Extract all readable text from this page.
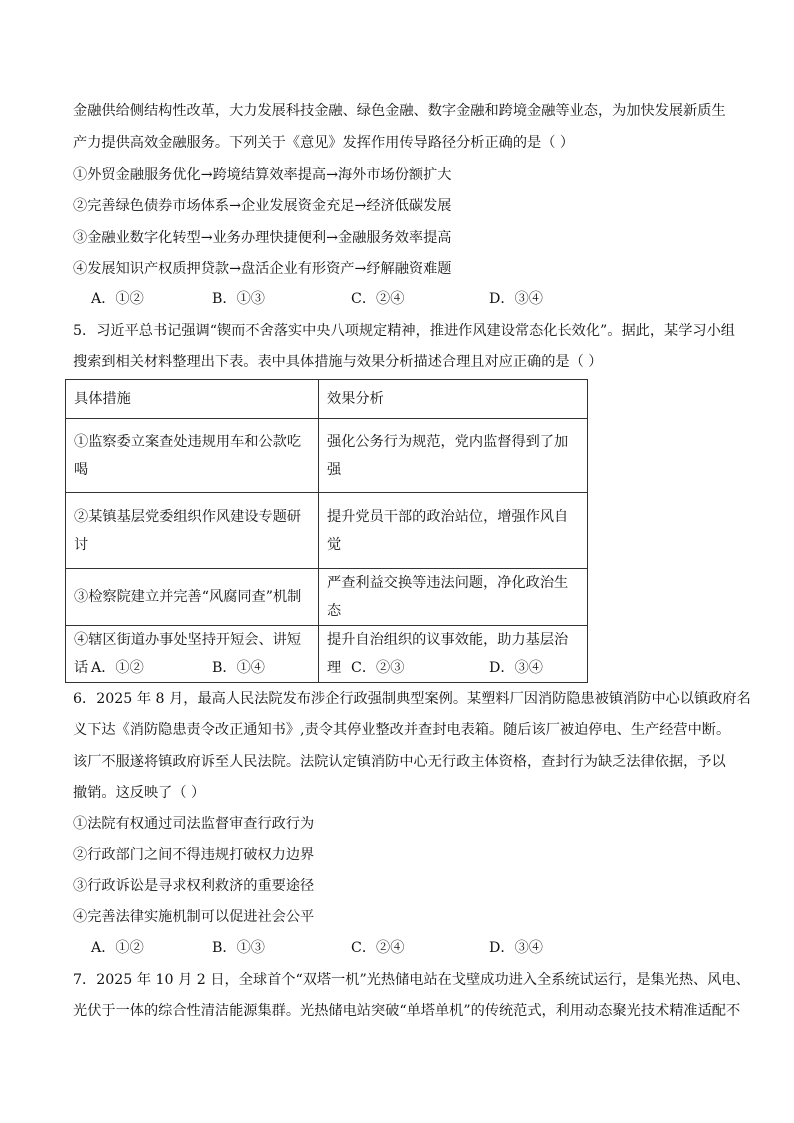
金融供给侧结构性改革，大力发展科技金融、绿色金融、数字金融和跨境金融等业态，为加快发展新质生
产力提供高效金融服务。下列关于《意见》发挥作用传导路径分析正确的是（ ）
①外贸金融服务优化→跨境结算效率提高→海外市场份额扩大
②完善绿色债券市场体系→企业发展资金充足→经济低碳发展
③金融业数字化转型→业务办理快捷便利→金融服务效率提高
④发展知识产权质押贷款→盘活企业有形资产→纾解融资难题
A．①②	B．①③	C．②④	D．③④
5．习近平总书记强调“锲而不舍落实中央八项规定精神，推进作风建设常态化长效化”。据此，某学习小组
搜索到相关材料整理出下表。表中具体措施与效果分析描述合理且对应正确的是（ ）
具体措施	效果分析
①监察委立案查处违规用车和公款吃
喝	强化公务行为规范，党内监督得到了加强
②某镇基层党委组织作风建设专题研
讨	提升党员干部的政治站位，增强作风自觉
③检察院建立并完善“风腐同查”机制	严查利益交换等违法问题，净化政治生态
④辖区街道办事处坚持开短会、讲短话	提升自治组织的议事效能，助力基层治理
A．①②	B．①④	C．②③	D．③④
6．2025 年 8 月，最高人民法院发布涉企行政强制典型案例。某塑料厂因消防隐患被镇消防中心以镇政府名
义下达《消防隐患责令改正通知书》,责令其停业整改并查封电表箱。随后该厂被迫停电、生产经营中断。
该厂不服遂将镇政府诉至人民法院。法院认定镇消防中心无行政主体资格，查封行为缺乏法律依据，予以
撤销。这反映了（ ）
①法院有权通过司法监督审查行政行为
②行政部门之间不得违规打破权力边界
③行政诉讼是寻求权利救济的重要途径
④完善法律实施机制可以促进社会公平
A．①②	B．①③	C．②④	D．③④
7．2025 年 10 月 2 日，全球首个“双塔一机”光热储电站在戈壁成功进入全系统试运行，是集光热、风电、
光伏于一体的综合性清洁能源集群。光热储电站突破“单塔单机”的传统范式，利用动态聚光技术精准适配不
